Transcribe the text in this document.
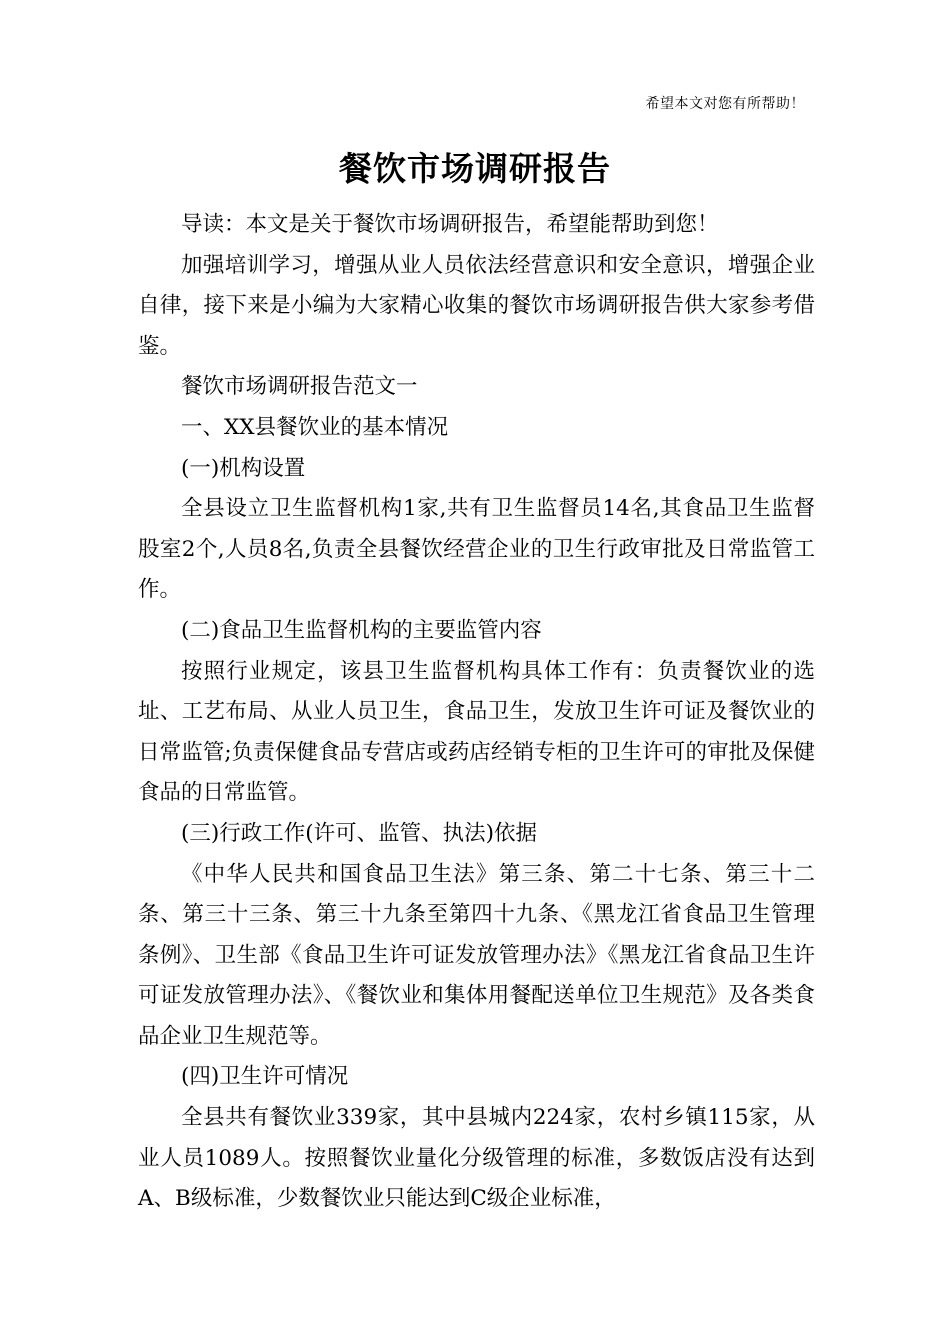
希望本文对您有所帮助！
餐饮市场调研报告

导读：本文是关于餐饮市场调研报告，希望能帮助到您！

加强培训学习，增强从业人员依法经营意识和安全意识，增强企业自律，接下来是小编为大家精心收集的餐饮市场调研报告供大家参考借鉴。

餐饮市场调研报告范文一

一、XX县餐饮业的基本情况

(一)机构设置

全县设立卫生监督机构1家,共有卫生监督员14名,其食品卫生监督股室2个,人员8名,负责全县餐饮经营企业的卫生行政审批及日常监管工作。

(二)食品卫生监督机构的主要监管内容

按照行业规定，该县卫生监督机构具体工作有：负责餐饮业的选址、工艺布局、从业人员卫生，食品卫生，发放卫生许可证及餐饮业的日常监管;负责保健食品专营店或药店经销专柜的卫生许可的审批及保健食品的日常监管。

(三)行政工作(许可、监管、执法)依据

《中华人民共和国食品卫生法》第三条、第二十七条、第三十二条、第三十三条、第三十九条至第四十九条、《黑龙江省食品卫生管理条例》、卫生部《食品卫生许可证发放管理办法》《黑龙江省食品卫生许可证发放管理办法》、《餐饮业和集体用餐配送单位卫生规范》及各类食品企业卫生规范等。

(四)卫生许可情况

全县共有餐饮业339家，其中县城内224家，农村乡镇115家，从业人员1089人。按照餐饮业量化分级管理的标准，多数饭店没有达到A、B级标准，少数餐饮业只能达到C级企业标准，
